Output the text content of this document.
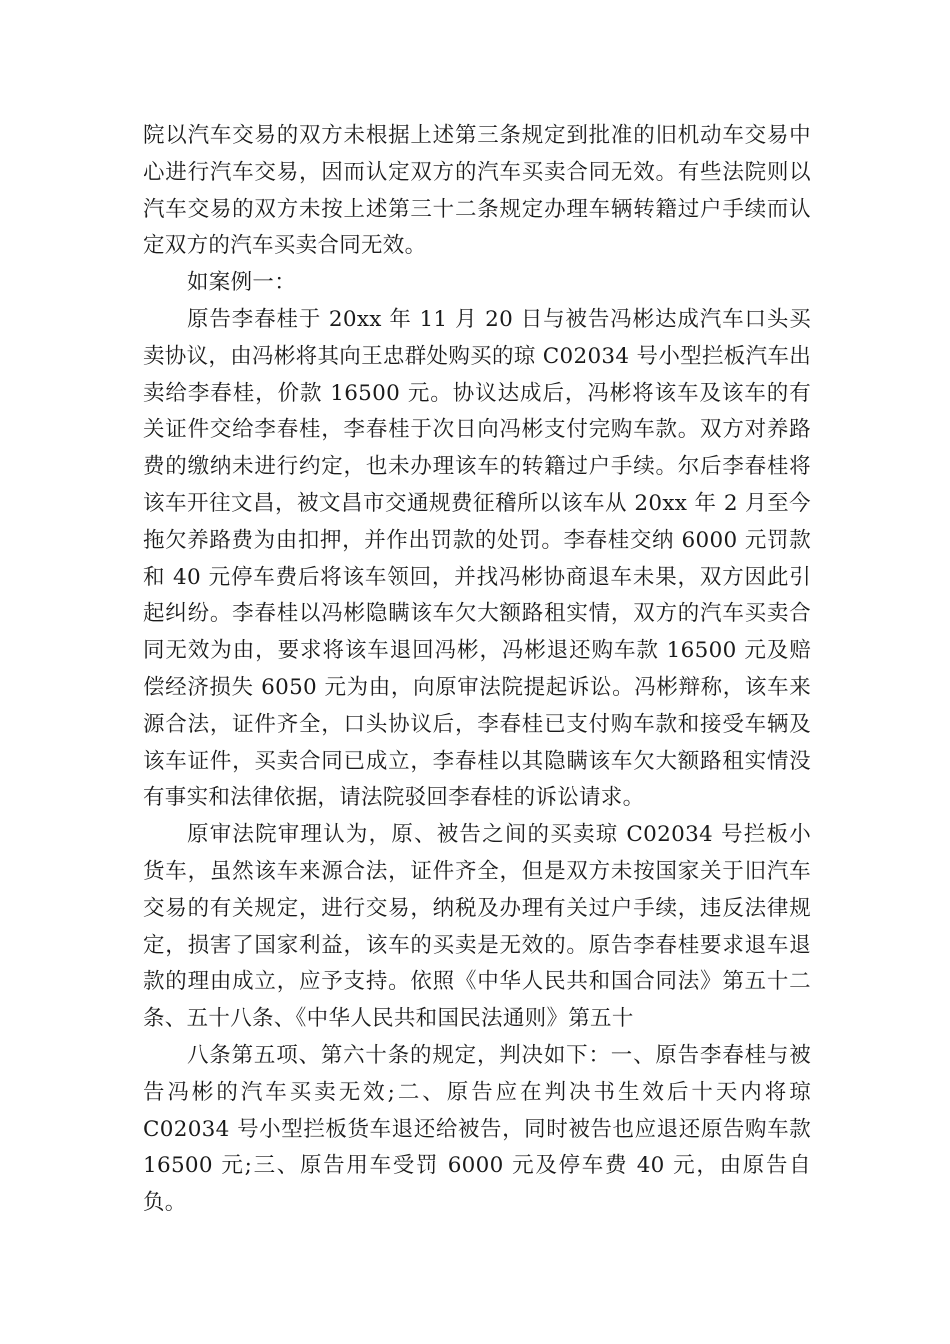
院以汽车交易的双方未根据上述第三条规定到批准的旧机动车交易中心进行汽车交易，因而认定双方的汽车买卖合同无效。有些法院则以汽车交易的双方未按上述第三十二条规定办理车辆转籍过户手续而认定双方的汽车买卖合同无效。

如案例一：

原告李春桂于 20xx 年 11 月 20 日与被告冯彬达成汽车口头买卖协议，由冯彬将其向王忠群处购买的琼 C02034 号小型拦板汽车出卖给李春桂，价款 16500 元。协议达成后，冯彬将该车及该车的有关证件交给李春桂，李春桂于次日向冯彬支付完购车款。双方对养路费的缴纳未进行约定，也未办理该车的转籍过户手续。尔后李春桂将该车开往文昌，被文昌市交通规费征稽所以该车从 20xx 年 2 月至今拖欠养路费为由扣押，并作出罚款的处罚。李春桂交纳 6000 元罚款和 40 元停车费后将该车领回，并找冯彬协商退车未果，双方因此引起纠纷。李春桂以冯彬隐瞒该车欠大额路租实情，双方的汽车买卖合同无效为由，要求将该车退回冯彬，冯彬退还购车款 16500 元及赔偿经济损失 6050 元为由，向原审法院提起诉讼。冯彬辩称，该车来源合法，证件齐全，口头协议后，李春桂已支付购车款和接受车辆及该车证件，买卖合同已成立，李春桂以其隐瞒该车欠大额路租实情没有事实和法律依据，请法院驳回李春桂的诉讼请求。

原审法院审理认为，原、被告之间的买卖琼 C02034 号拦板小货车，虽然该车来源合法，证件齐全，但是双方未按国家关于旧汽车交易的有关规定，进行交易，纳税及办理有关过户手续，违反法律规定，损害了国家利益，该车的买卖是无效的。原告李春桂要求退车退款的理由成立，应予支持。依照《中华人民共和国合同法》第五十二条、五十八条、《中华人民共和国民法通则》第五十

八条第五项、第六十条的规定，判决如下：一、原告李春桂与被告冯彬的汽车买卖无效;二、原告应在判决书生效后十天内将琼 C02034 号小型拦板货车退还给被告，同时被告也应退还原告购车款 16500 元;三、原告用车受罚 6000 元及停车费 40 元，由原告自负。
